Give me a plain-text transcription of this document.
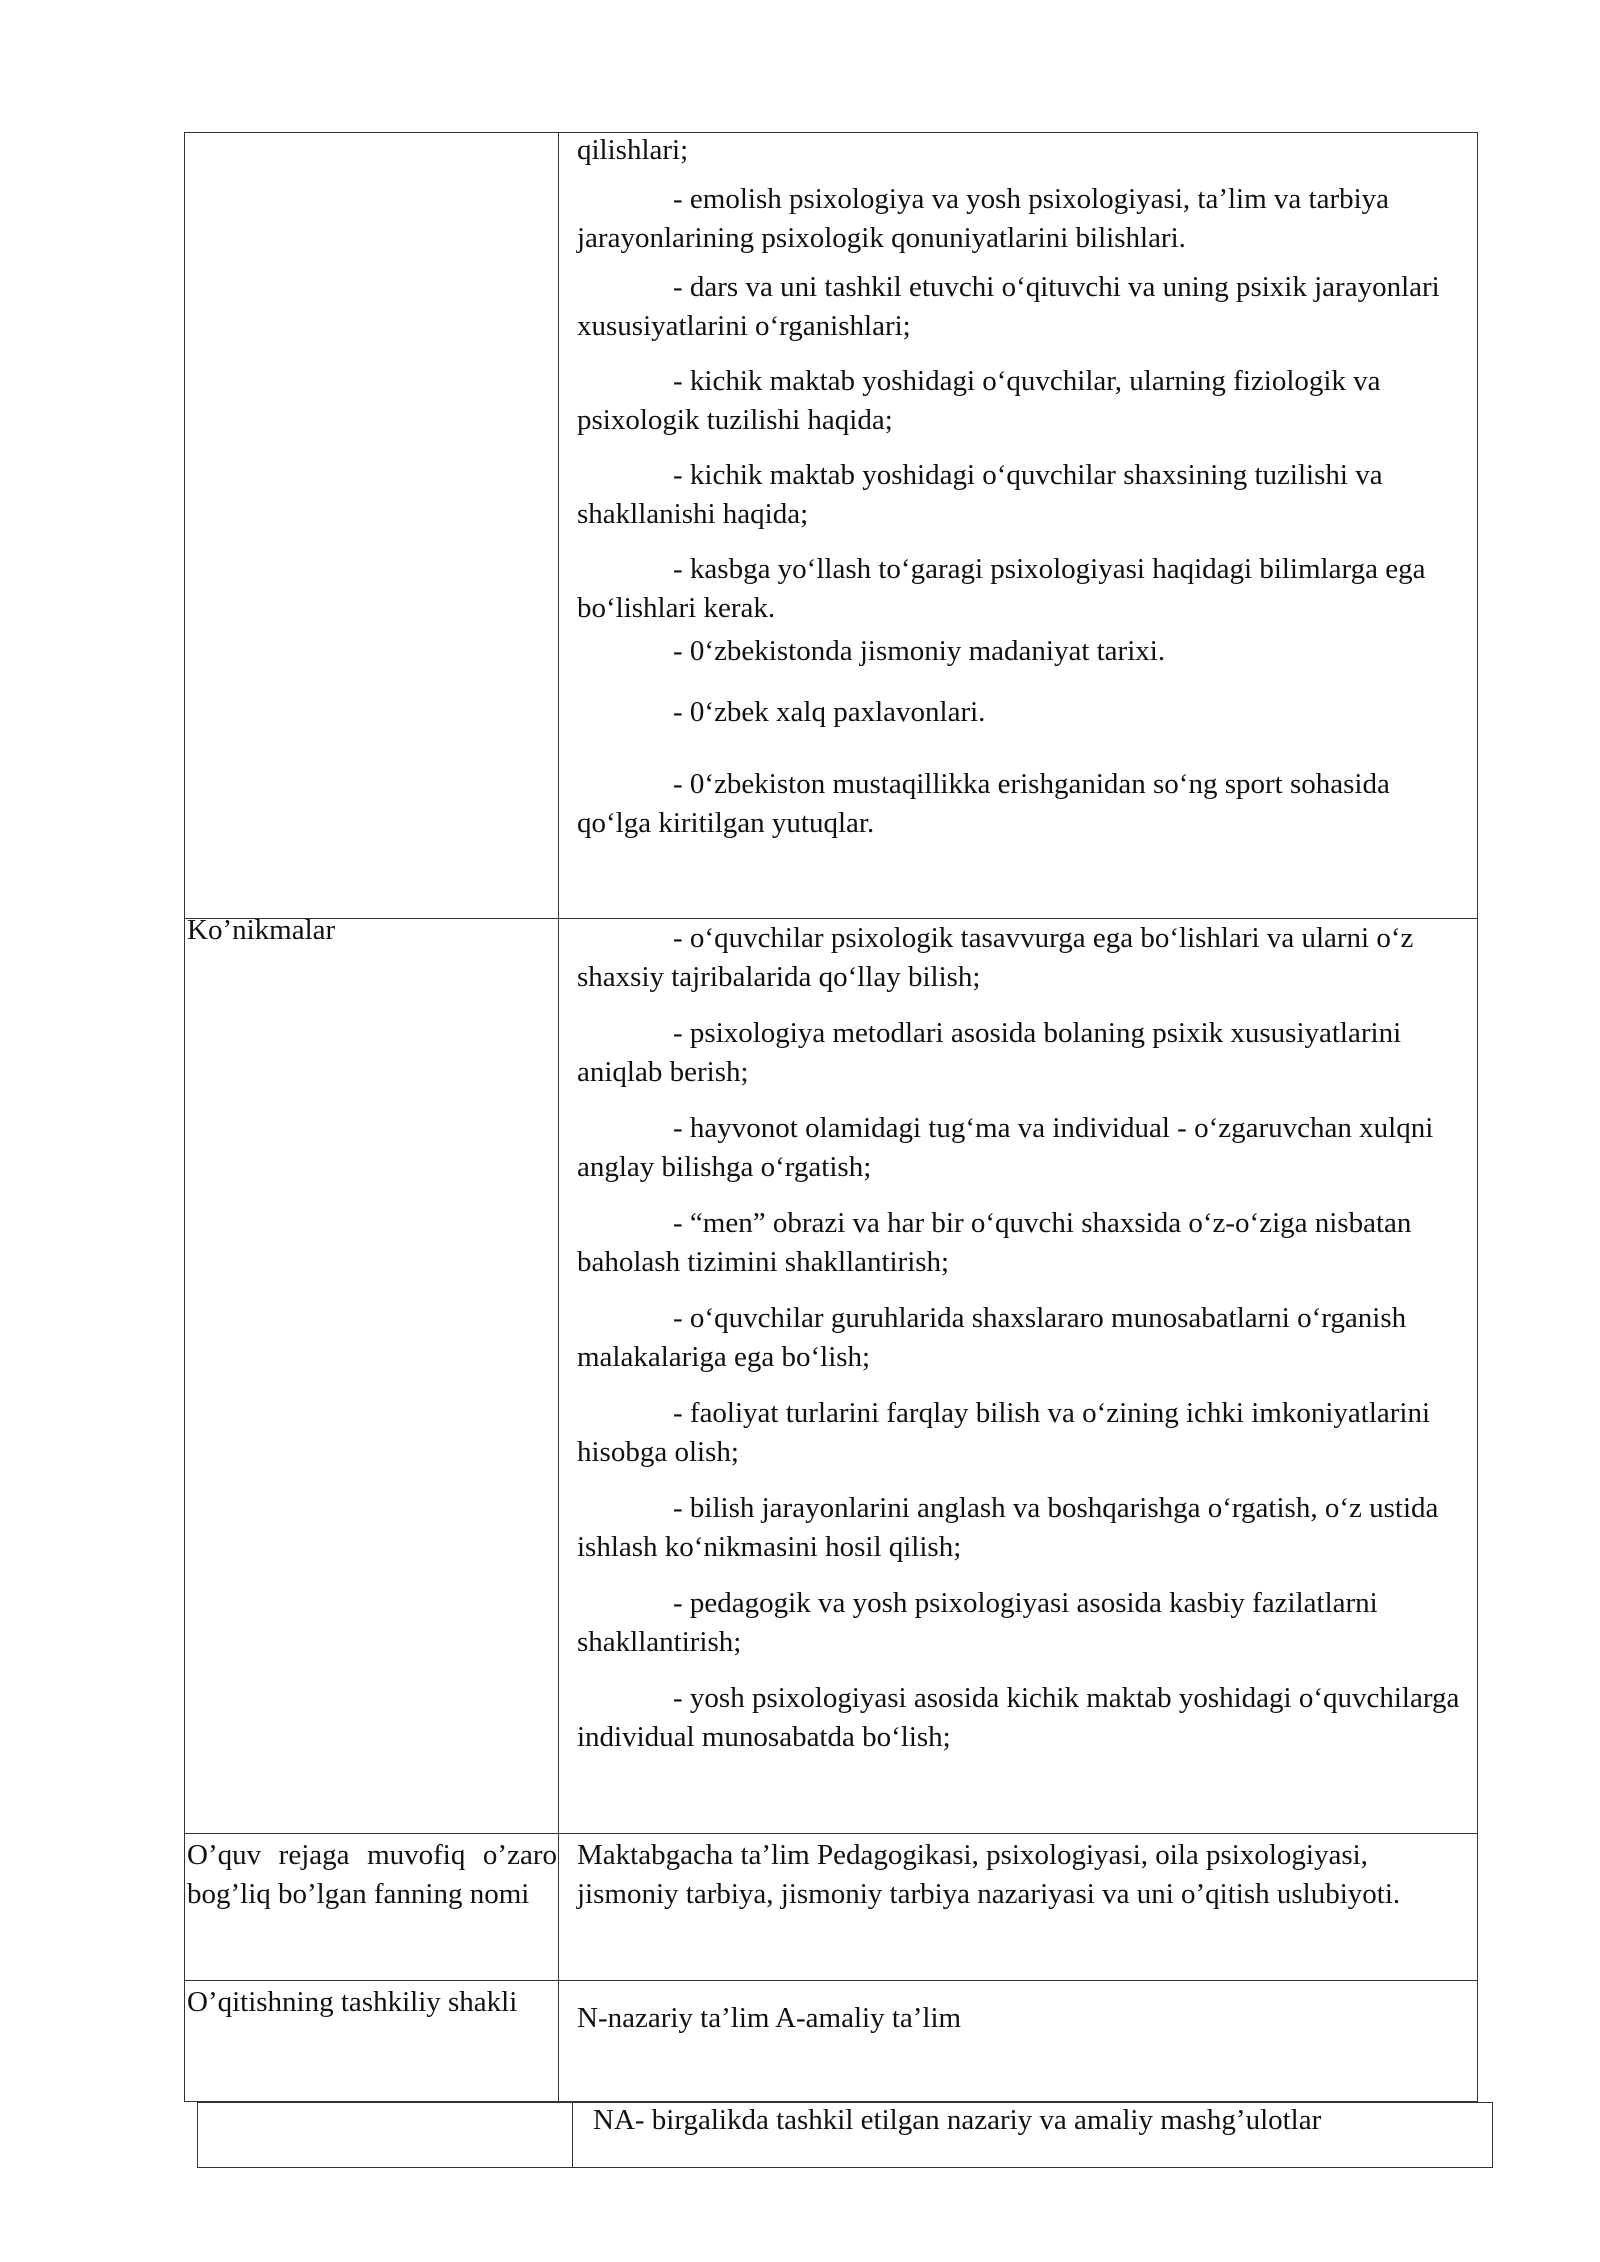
qilishlari;

- emolish psixologiya va yosh psixologiyasi, ta’lim va tarbiya jarayonlarining psixologik qonuniyatlarini bilishlari.

- dars va uni tashkil etuvchi o‘qituvchi va uning psixik jarayonlari xususiyatlarini o‘rganishlari;

- kichik maktab yoshidagi o‘quvchilar, ularning fiziologik va psixologik tuzilishi haqida;

- kichik maktab yoshidagi o‘quvchilar shaxsining tuzilishi va shakllanishi haqida;

- kasbga yo‘llash to‘garagi psixologiyasi haqidagi bilimlarga ega bo‘lishlari kerak.

- 0‘zbekistonda jismoniy madaniyat tarixi.

- 0‘zbek xalq paxlavonlari.

- 0‘zbekiston mustaqillikka erishganidan so‘ng sport sohasida qo‘lga kiritilgan yutuqlar.

Ko’nikmalar	- o‘quvchilar psixologik tasavvurga ega bo‘lishlari va ularni o‘z shaxsiy tajribalarida qo‘llay bilish;

- psixologiya metodlari asosida bolaning psixik xususiyatlarini aniqlab berish;

- hayvonot olamidagi tug‘ma va individual - o‘zgaruvchan xulqni anglay bilishga o‘rgatish;

- “men” obrazi va har bir o‘quvchi shaxsida o‘z-o‘ziga nisbatan baholash tizimini shakllantirish;

- o‘quvchilar guruhlarida shaxslararo munosabatlarni o‘rganish malakalariga ega bo‘lish;

- faoliyat turlarini farqlay bilish va o‘zining ichki imkoniyatlarini hisobga olish;

- bilish jarayonlarini anglash va boshqarishga o‘rgatish, o‘z ustida ishlash ko‘nikmasini hosil qilish;

- pedagogik va yosh psixologiyasi asosida kasbiy fazilatlarni shakllantirish;

- yosh psixologiyasi asosida kichik maktab yoshidagi o‘quvchilarga individual munosabatda bo‘lish;

O’quv rejaga muvofiq o’zaro bog’liq bo’lgan fanning nomi

Maktabgacha ta’lim Pedagogikasi, psixologiyasi, oila psixologiyasi, jismoniy tarbiya, jismoniy tarbiya nazariyasi va uni o’qitish uslubiyoti.

O’qitishning tashkiliy shakli	N-nazariy ta’lim A-amaliy ta’lim

NA- birgalikda tashkil etilgan nazariy va amaliy mashg’ulotlar
